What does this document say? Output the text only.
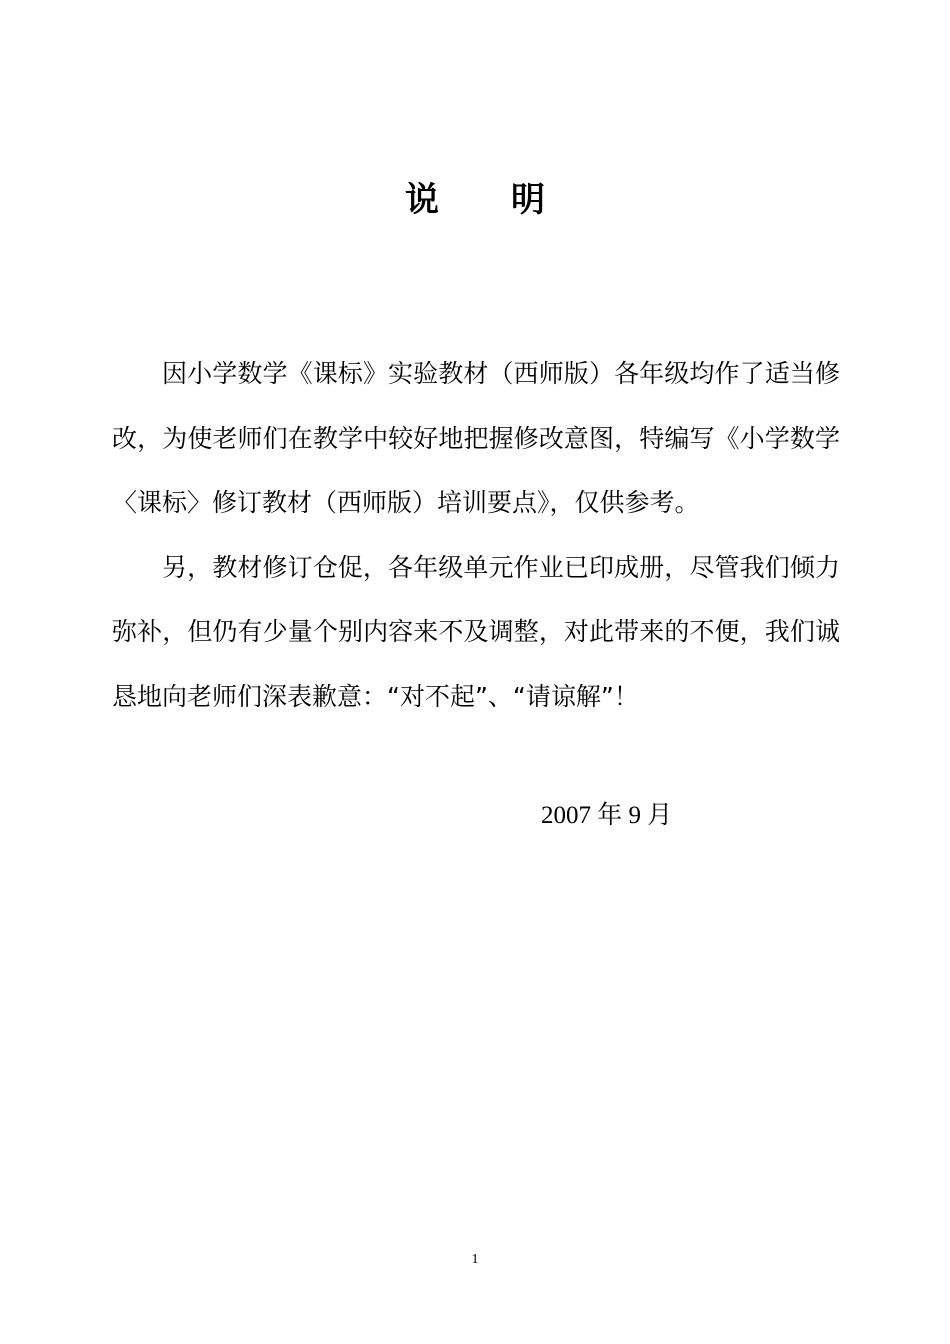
说 明

因小学数学《课标》实验教材（西师版）各年级均作了适当修改，为使老师们在教学中较好地把握修改意图，特编写《小学数学〈课标〉修订教材（西师版）培训要点》，仅供参考。

另，教材修订仓促，各年级单元作业已印成册，尽管我们倾力弥补，但仍有少量个别内容来不及调整，对此带来的不便，我们诚恳地向老师们深表歉意：“对不起”、“请谅解”！

2007 年 9 月
1
